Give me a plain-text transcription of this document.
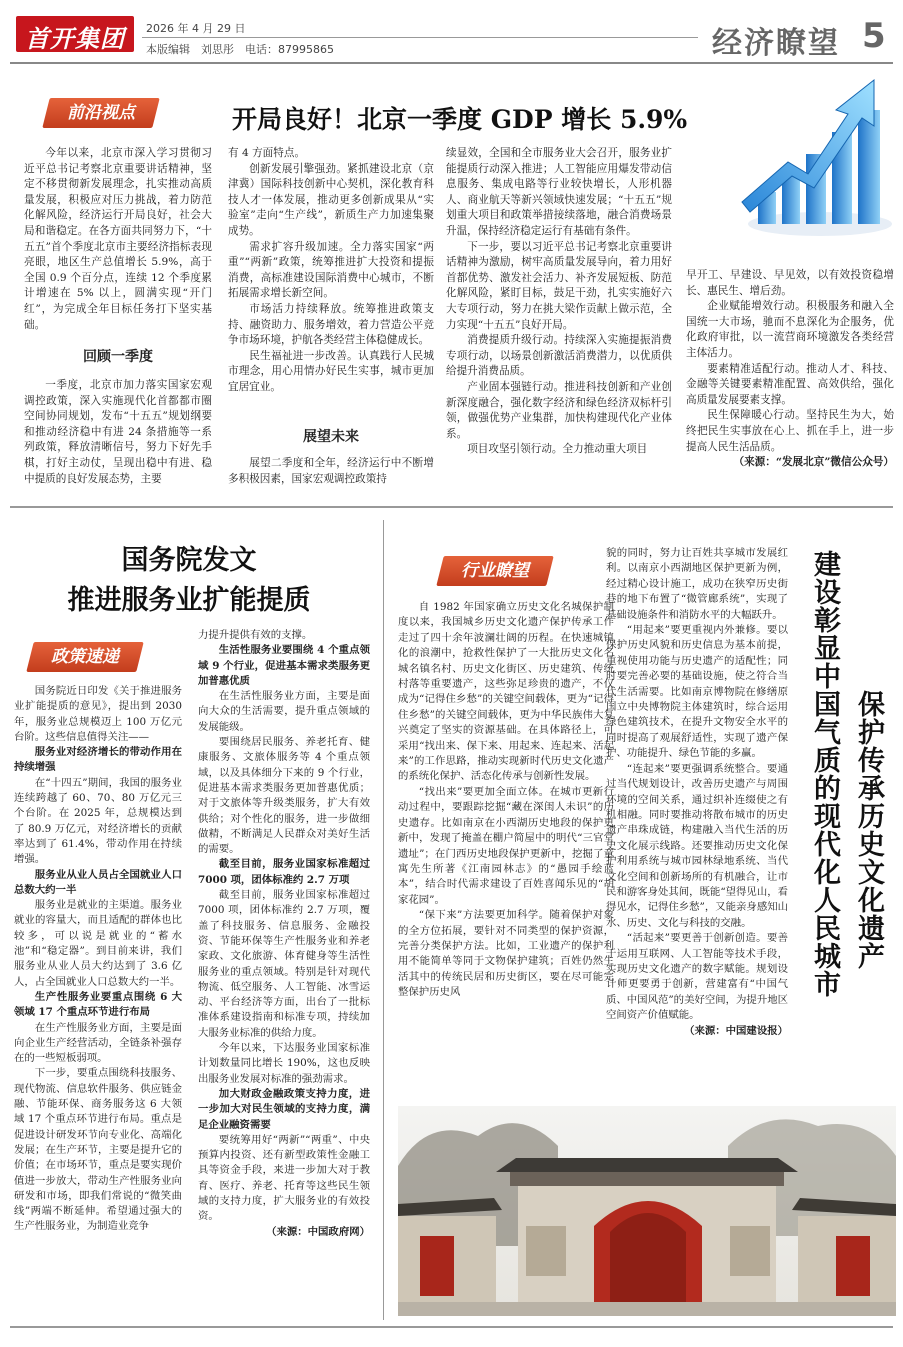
首开集团	2026 年 4 月 29 日
本版编辑　刘思彤　电话：87995865	经济瞭望 5
前沿视点	开局良好！北京一季度 GDP 增长 5.9%

今年以来，北京市深入学习贯彻习近平总书记考察北京重要讲话精神，坚定不移贯彻新发展理念，扎实推动高质量发展，积极应对压力挑战，着力防范化解风险，经济运行开局良好，社会大局和谐稳定。在各方面共同努力下，“十五五”首个季度北京市主要经济指标表现亮眼，地区生产总值增长 5.9%，高于全国 0.9 个百分点，连续 12 个季度累计增速在 5% 以上，圆满实现“开门红”，为完成全年目标任务打下坚实基础。

回顾一季度

一季度，北京市加力落实国家宏观调控政策，深入实施现代化首都都市圈空间协同规划，发布“十五五”规划纲要和推动经济稳中有进 24 条措施等一系列政策，释放清晰信号，努力下好先手棋，打好主动仗，呈现出稳中有进、稳中提质的良好发展态势，主要

有 4 方面特点。

创新发展引擎强劲。紧抓建设北京（京津冀）国际科技创新中心契机，深化教育科技人才一体发展，推动更多创新成果从“实验室”走向“生产线”，新质生产力加速集聚成势。

需求扩容升级加速。全力落实国家“两重”“两新”政策，统筹推进扩大投资和提振消费，高标准建设国际消费中心城市，不断拓展需求增长新空间。

市场活力持续释放。统筹推进政策支持、融资助力、服务增效，着力营造公平竞争市场环境，护航各类经营主体稳健成长。

民生福祉进一步改善。认真践行人民城市理念，用心用情办好民生实事，城市更加宜居宜业。

展望未来

展望二季度和全年，经济运行中不断增多积极因素，国家宏观调控政策持

续显效，全国和全市服务业大会召开，服务业扩能提质行动深入推进；人工智能应用爆发带动信息服务、集成电路等行业较快增长，人形机器人、商业航天等新兴领域快速发展；“十五五”规划重大项目和政策举措接续落地，融合消费场景升温，保持经济稳定运行有基础有条件。

下一步，要以习近平总书记考察北京重要讲话精神为激励，树牢高质量发展导向，着力用好首都优势、激发社会活力、补齐发展短板、防范化解风险，紧盯目标，鼓足干劲，扎实实施好六大专项行动，努力在挑大梁作贡献上做示范，全力实现“十五五”良好开局。

消费提质升级行动。持续深入实施提振消费专项行动，以场景创新激活消费潜力，以优质供给提升消费品质。

产业固本强链行动。推进科技创新和产业创新深度融合，强化数字经济和绿色经济双标杆引领，做强优势产业集群，加快构建现代化产业体系。

项目攻坚引领行动。全力推动重大项目

早开工、早建设、早见效，以有效投资稳增长、惠民生、增后劲。

企业赋能增效行动。积极服务和融入全国统一大市场，驰而不息深化为企服务，优化政府审批，以一流营商环境激发各类经营主体活力。

要素精准适配行动。推动人才、科技、金融等关键要素精准配置、高效供给，强化高质量发展要素支撑。

民生保障暖心行动。坚持民生为大，始终把民生实事放在心上、抓在手上，进一步提高人民生活品质。

（来源：“发展北京”微信公众号）

国务院发文
推进服务业扩能提质
政策速递

国务院近日印发《关于推进服务业扩能提质的意见》，提出到 2030 年，服务业总规模迈上 100 万亿元台阶。这些信息值得关注——

服务业对经济增长的带动作用在持续增强

在“十四五”期间，我国的服务业连续跨越了 60、70、80 万亿元三个台阶。在 2025 年，总规模达到了 80.9 万亿元，对经济增长的贡献率达到了 61.4%，带动作用在持续增强。

服务业从业人员占全国就业人口总数大约一半

服务业是就业的主渠道。服务业就业的容量大，而且适配的群体也比较多，可以说是就业的“蓄水池”和“稳定器”。到目前来讲，我们服务业从业人员大约达到了 3.6 亿人，占全国就业人口总数大约一半。

生产性服务业要重点围绕 6 大领域 17 个重点环节进行布局

在生产性服务业方面，主要是面向企业生产经营活动，全链条补强存在的一些短板弱项。

下一步，要重点围绕科技服务、现代物流、信息软件服务、供应链金融、节能环保、商务服务这 6 大领域 17 个重点环节进行布局。重点是促进设计研发环节向专业化、高端化发展；在生产环节，主要是提升它的价值；在市场环节，重点是要实现价值进一步放大，带动生产性服务业向研发和市场，即我们常说的“微笑曲线”两端不断延伸。希望通过强大的生产性服务业，为制造业竞争

力提升提供有效的支撑。

生活性服务业要围绕 4 个重点领域 9 个行业，促进基本需求类服务更加普惠优质

在生活性服务业方面，主要是面向大众的生活需要，提升重点领域的发展能级。

要围绕居民服务、养老托育、健康服务、文旅体服务等 4 个重点领域，以及具体细分下来的 9 个行业，促进基本需求类服务更加普惠优质；对于文旅体等升级类服务，扩大有效供给；对个性化的服务，进一步做细做精，不断满足人民群众对美好生活的需要。

截至目前，服务业国家标准超过 7000 项，团体标准约 2.7 万项

截至目前，服务业国家标准超过 7000 项，团体标准约 2.7 万项，覆盖了科技服务、信息服务、金融投资、节能环保等生产性服务业和养老家政、文化旅游、体育健身等生活性服务业的重点领域。特别是针对现代物流、低空服务、人工智能、冰雪运动、平台经济等方面，出台了一批标准体系建设指南和标准专项，持续加大服务业标准的供给力度。

今年以来，下达服务业国家标准计划数量同比增长 190%，这也反映出服务业发展对标准的强劲需求。

加大财政金融政策支持力度，进一步加大对民生领域的支持力度，满足企业融资需要

要统筹用好“两新”“两重”、中央预算内投资、还有新型政策性金融工具等资金手段，来进一步加大对于教育、医疗、养老、托育等这些民生领域的支持力度，扩大服务业的有效投资。

（来源：中国政府网）

行业瞭望

自 1982 年国家确立历史文化名城保护制度以来，我国城乡历史文化遗产保护传承工作走过了四十余年波澜壮阔的历程。在快速城镇化的浪潮中，抢救性保护了一大批历史文化名城名镇名村、历史文化街区、历史建筑、传统村落等重要遗产，这些弥足珍贵的遗产，不仅成为“记得住乡愁”的关键空间载体，更为“记得住乡愁”的关键空间载体，更为中华民族伟大复兴奠定了坚实的资源基础。在具体路径上，可采用“找出来、保下来、用起来、连起来、活起来”的工作思路，推动实现新时代历史文化遗产的系统化保护、活态化传承与创新性发展。

“找出来”要更加全面立体。在城市更新行动过程中，要跟踪挖掘“藏在深闺人未识”的历史遗存。比如南京在小西湖历史地段的保护更新中，发现了掩盖在棚户简屋中的明代“三官堂遗址”；在门西历史地段保护更新中，挖掘了童寓先生所著《江南园林志》的“愚园手绘蓝本”，结合时代需求建设了百姓喜闻乐见的“胡家花园”。

“保下来”方法要更加科学。随着保护对象的全方位拓展，要针对不同类型的保护资源，完善分类保护方法。比如，工业遗产的保护利用不能简单等同于文物保护建筑；百姓仍然生活其中的传统民居和历史街区，要在尽可能完整保护历史风

貌的同时，努力让百姓共享城市发展红利。以南京小西湖地区保护更新为例，经过精心设计施工，成功在狭窄历史街巷的地下布置了“微管廊系统”，实现了基础设施条件和消防水平的大幅跃升。

“用起来”要更重视内外兼修。要以保护历史风貌和历史信息为基本前提，重视使用功能与历史遗产的适配性；同时要完善必要的基础设施，使之符合当代生活需要。比如南京博物院在修缮原国立中央博物院主体建筑时，综合运用绿色建筑技术，在提升文物安全水平的同时提高了观展舒适性，实现了遗产保护、功能提升、绿色节能的多赢。

“连起来”要更强调系统整合。要通过当代规划设计，改善历史遗产与周围环境的空间关系，通过织补连缀使之有机相融。同时要推动将散布城市的历史遗产串珠成链，构建融入当代生活的历史文化展示线路。还要推动历史文化保护利用系统与城市园林绿地系统、当代文化空间和创新场所的有机融合，让市民和游客身处其间，既能“望得见山，看得见水，记得住乡愁”，又能亲身感知山水、历史、文化与科技的交融。

“活起来”要更善于创新创造。要善于运用互联网、人工智能等技术手段，实现历史文化遗产的数字赋能。规划设计师更要勇于创新，营建富有“中国气质、中国风范”的美好空间，为提升地区空间资产价值赋能。

（来源：中国建设报）

保护传承历史文化遗产
建设彰显中国气质的现代化人民城市
